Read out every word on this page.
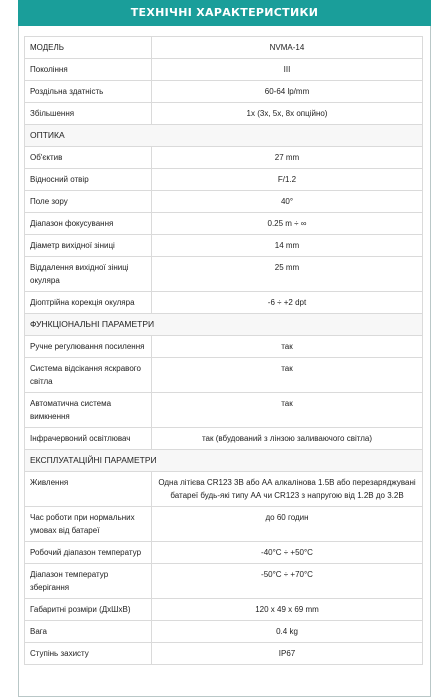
ТЕХНІЧНІ ХАРАКТЕРИСТИКИ
МОДЕЛЬ	NVMA-14
Покоління	III
Роздільна здатність	60-64 lp/mm
Збільшення	1x (3x, 5x, 8x опційно)
ОПТИКА	
Об'єктив	27 mm
Відносний отвір	F/1.2
Поле зору	40°
Діапазон фокусування	0.25 m ÷ ∞
Діаметр вихідної зіниці	14 mm
Віддалення вихідної зіниці окуляра	25 mm
Діоптрійна корекція окуляра	-6 ÷ +2 dpt
ФУНКЦІОНАЛЬНІ ПАРАМЕТРИ	
Ручне регулювання посилення	так
Система відсікання яскравого світла	так
Автоматична система вимкнення	так
Інфрачервоний освітлювач	так (вбудований з лінзою заливаючого світла)
ЕКСПЛУАТАЦІЙНІ ПАРАМЕТРИ	
Живлення	Одна літієва CR123 3В або АА алкалінова 1.5В або перезаряджувані батареї будь-які типу АА чи CR123 з напругою від 1.2В до 3.2В
Час роботи при нормальних умовах від батареї	до 60 годин
Робочий діапазон температур	-40°C ÷ +50°C
Діапазон температур зберігання	-50°C ÷ +70°C
Габаритні розміри (ДxШxВ)	120 x 49 x 69 mm
Вага	0.4 kg
Ступінь захисту	IP67
